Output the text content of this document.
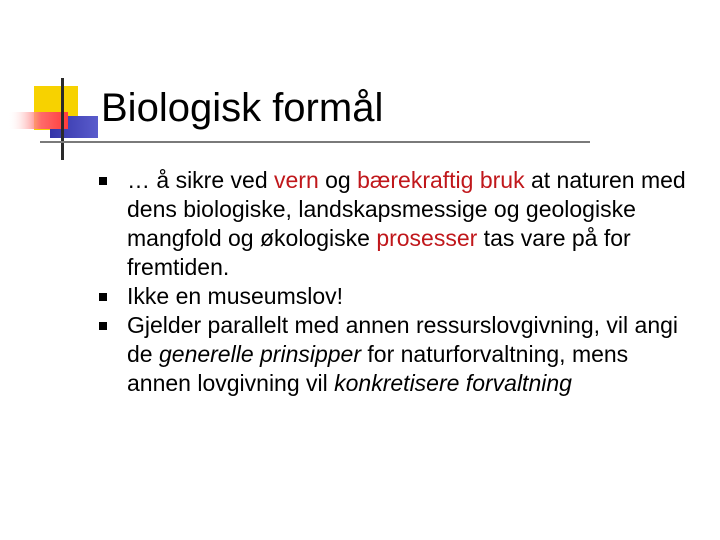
Biologisk formål
… å sikre ved vern og bærekraftig bruk at naturen med dens biologiske, landskapsmessige og geologiske mangfold og økologiske prosesser tas vare på for fremtiden.
Ikke en museumslov!
Gjelder parallelt med annen ressurslovgivning, vil angi de generelle prinsipper for naturforvaltning, mens annen lovgivning vil konkretisere forvaltning
